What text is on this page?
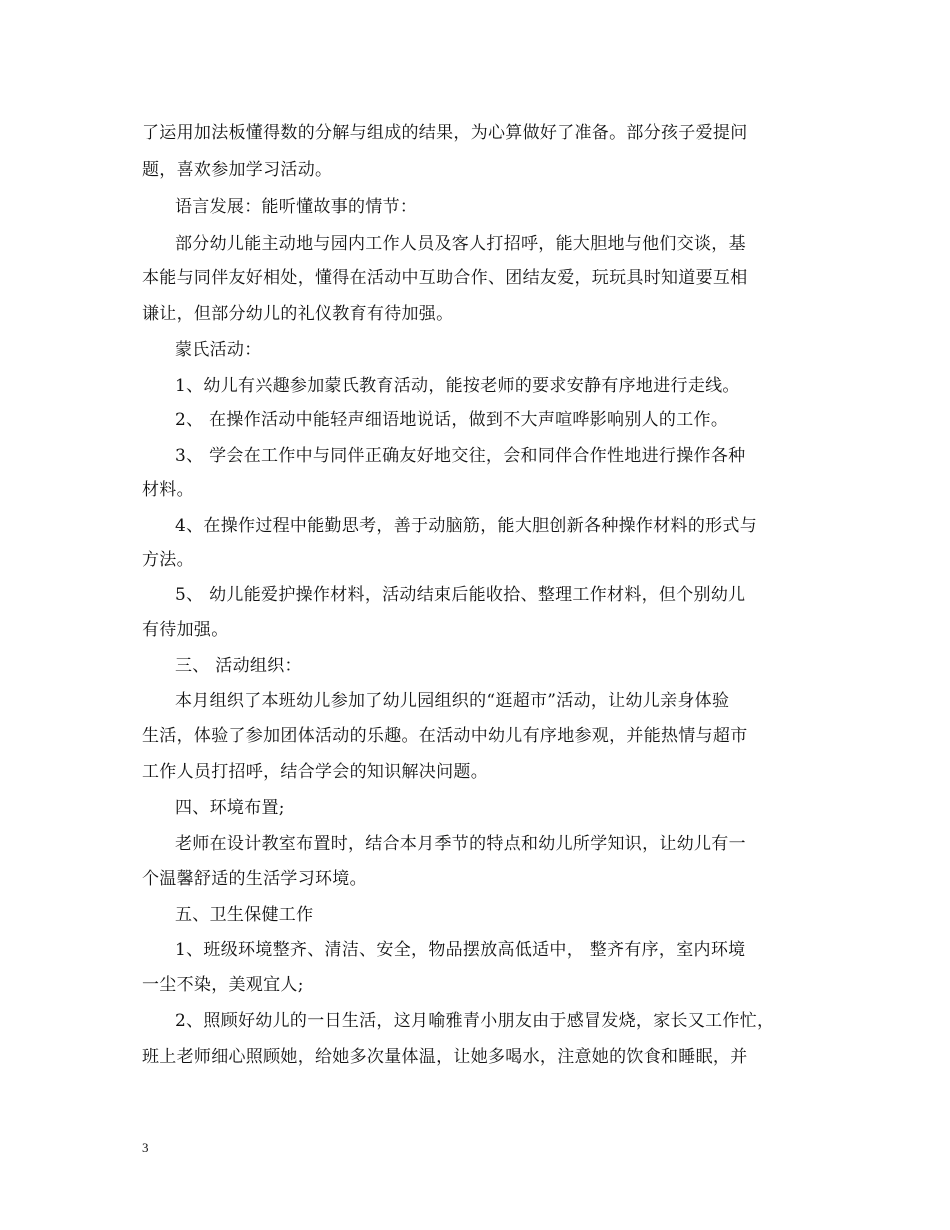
了运用加法板懂得数的分解与组成的结果，为心算做好了准备。部分孩子爱提问
题，喜欢参加学习活动。
语言发展：能听懂故事的情节：
部分幼儿能主动地与园内工作人员及客人打招呼，能大胆地与他们交谈，基
本能与同伴友好相处，懂得在活动中互助合作、团结友爱，玩玩具时知道要互相
谦让，但部分幼儿的礼仪教育有待加强。
蒙氏活动：
1、幼儿有兴趣参加蒙氏教育活动，能按老师的要求安静有序地进行走线。
2、 在操作活动中能轻声细语地说话，做到不大声喧哗影响别人的工作。
3、 学会在工作中与同伴正确友好地交往，会和同伴合作性地进行操作各种
材料。
4、在操作过程中能勤思考，善于动脑筋，能大胆创新各种操作材料的形式与
方法。
5、 幼儿能爱护操作材料，活动结束后能收拾、整理工作材料，但个别幼儿
有待加强。
三、 活动组织：
本月组织了本班幼儿参加了幼儿园组织的“逛超市”活动，让幼儿亲身体验
生活，体验了参加团体活动的乐趣。在活动中幼儿有序地参观，并能热情与超市
工作人员打招呼，结合学会的知识解决问题。
四、环境布置;
老师在设计教室布置时，结合本月季节的特点和幼儿所学知识，让幼儿有一
个温馨舒适的生活学习环境。
五、卫生保健工作
1、班级环境整齐、清洁、安全，物品摆放高低适中， 整齐有序，室内环境
一尘不染，美观宜人;
2、照顾好幼儿的一日生活，这月喻雅青小朋友由于感冒发烧，家长又工作忙，
班上老师细心照顾她，给她多次量体温，让她多喝水，注意她的饮食和睡眠，并
3
